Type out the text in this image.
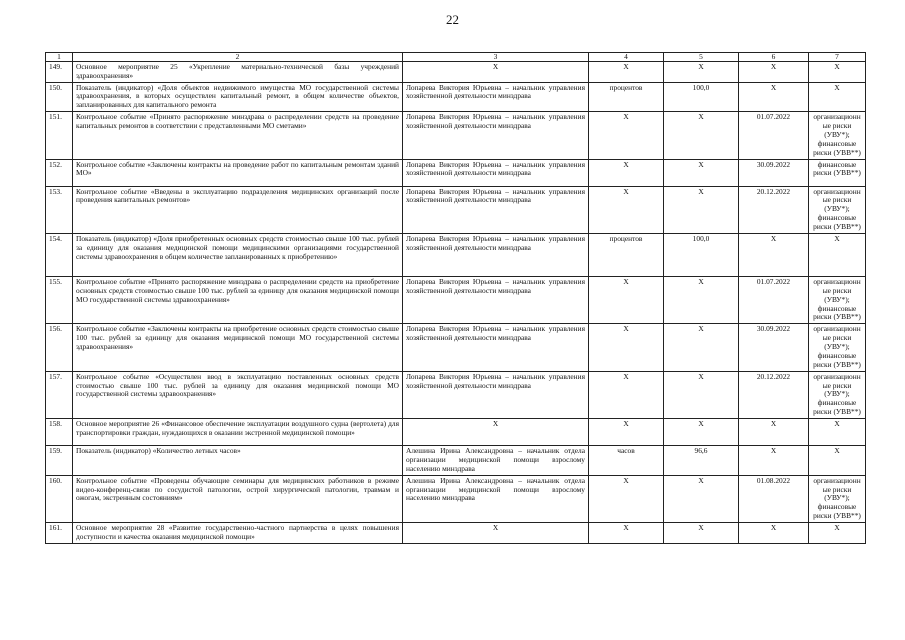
22
1	2	3	4	5	6	7
149.	Основное мероприятие 25 «Укрепление материально-технической базы учреждений здравоохранения»	Х	Х	Х	Х	Х
150.	Показатель (индикатор) «Доля объектов недвижимого имущества МО государственной системы здравоохранения, в которых осуществлен капитальный ремонт, в общем количестве объектов, запланированных для капитального ремонта	Лопарева Виктория Юрьевна – начальник управления хозяйственной деятельности минздрава	процентов	100,0	Х	Х
151.	Контрольное событие «Принято распоряжение минздрава о распределении средств на проведение капитальных ремонтов в соответствии с представленными МО сметами»	Лопарева Виктория Юрьевна – начальник управления хозяйственной деятельности минздрава	Х	Х	01.07.2022	организационные риски (УВУ*); финансовые риски (УВВ**)
152.	Контрольное событие «Заключены контракты на проведение работ по капитальным ремонтам зданий МО»	Лопарева Виктория Юрьевна – начальник управления хозяйственной деятельности минздрава	Х	Х	30.09.2022	финансовые риски (УВВ**)
153.	Контрольное событие «Введены в эксплуатацию подразделения медицинских организаций после проведения капитальных ремонтов»	Лопарева Виктория Юрьевна – начальник управления хозяйственной деятельности минздрава	Х	Х	20.12.2022	организационные риски (УВУ*); финансовые риски (УВВ**)
154.	Показатель (индикатор) «Доля приобретенных основных средств стоимостью свыше 100 тыс. рублей за единицу для оказания медицинской помощи медицинскими организациями государственной системы здравоохранения в общем количестве запланированных к приобретению»	Лопарева Виктория Юрьевна – начальник управления хозяйственной деятельности минздрава	процентов	100,0	Х	Х
155.	Контрольное событие «Принято распоряжение минздрава о распределении средств на приобретение основных средств стоимостью свыше 100 тыс. рублей за единицу для оказания медицинской помощи МО государственной системы здравоохранения»	Лопарева Виктория Юрьевна – начальник управления хозяйственной деятельности минздрава	Х	Х	01.07.2022	организационные риски (УВУ*); финансовые риски (УВВ**)
156.	Контрольное событие «Заключены контракты на приобретение основных средств стоимостью свыше 100 тыс. рублей за единицу для оказания медицинской помощи МО государственной системы здравоохранения»	Лопарева Виктория Юрьевна – начальник управления хозяйственной деятельности минздрава	Х	Х	30.09.2022	организационные риски (УВУ*); финансовые риски (УВВ**)
157.	Контрольное событие «Осуществлен ввод в эксплуатацию поставленных основных средств стоимостью свыше 100 тыс. рублей за единицу для оказания медицинской помощи МО государственной системы здравоохранения»	Лопарева Виктория Юрьевна – начальник управления хозяйственной деятельности минздрава	Х	Х	20.12.2022	организационные риски (УВУ*); финансовые риски (УВВ**)
158.	Основное мероприятие 26 «Финансовое обеспечение эксплуатации воздушного судна (вертолета) для транспортировки граждан, нуждающихся в оказании экстренной медицинской помощи»	Х	Х	Х	Х	Х
159.	Показатель (индикатор) «Количество летных часов»	Алешина Ирина Александровна – начальник отдела организации медицинской помощи взрослому населению минздрава	часов	96,6	Х	Х
160.	Контрольное событие «Проведены обучающие семинары для медицинских работников в режиме видео-конференц-связи по сосудистой патологии, острой хирургической патологии, травмам и ожогам, экстренным состояниям»	Алешина Ирина Александровна – начальник отдела организации медицинской помощи взрослому населению минздрава	Х	Х	01.08.2022	организационные риски (УВУ*); финансовые риски (УВВ**)
161.	Основное мероприятие 28 «Развитие государственно-частного партнерства в целях повышения доступности и качества оказания медицинской помощи»	Х	Х	Х	Х	Х
